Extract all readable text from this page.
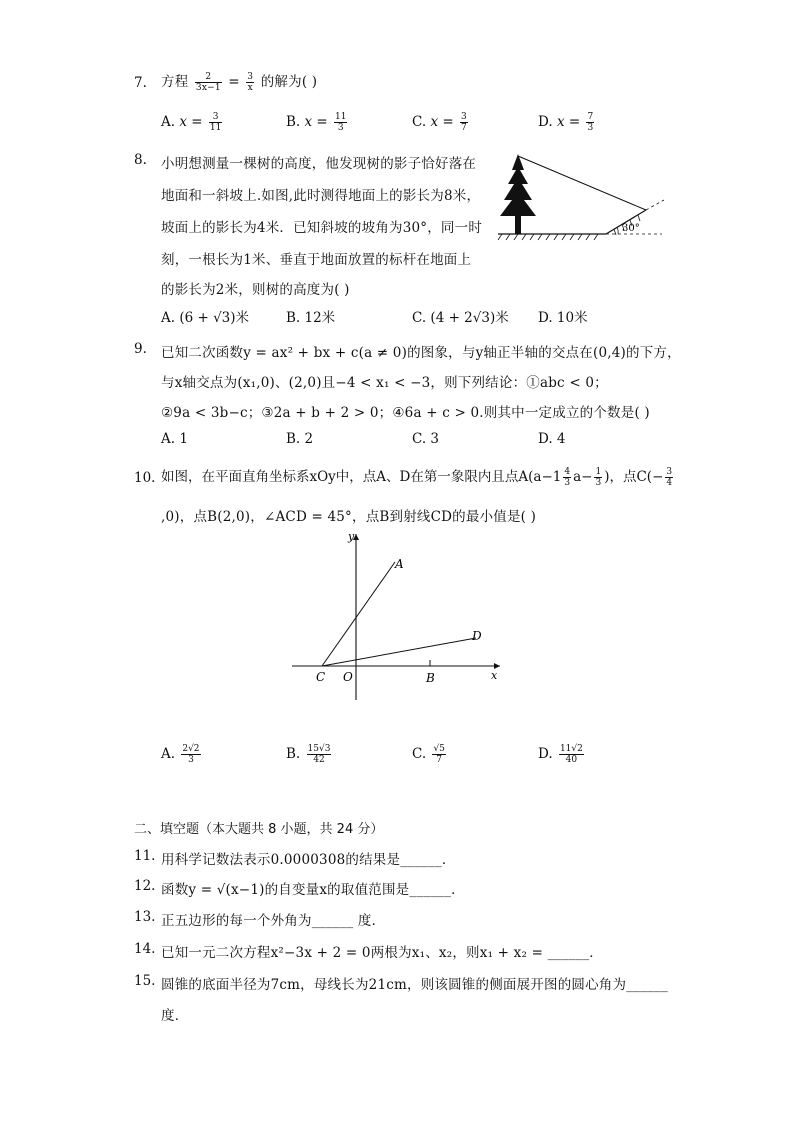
7. 方程 $\frac{2}{3x-1} = \frac{3}{x}$ 的解为( )
A. $x = \frac{3}{11}$	B. $x = \frac{11}{3}$	C. $x = \frac{3}{7}$	D. $x = \frac{7}{3}$
8. 小明想测量一棵树的高度，他发现树的影子恰好落在
地面和一斜坡上.如图,此时测得地面上的影长为8米，
坡面上的影长为4米．已知斜坡的坡角为30°，同一时
刻，一根长为1米、垂直于地面放置的标杆在地面上
的影长为2米，则树的高度为( )
30°
A. (6 + √3)米	B. 12米	C. (4 + 2√3)米 D. 10米
9. 已知二次函数y = ax² + bx + c(a ≠ 0)的图象，与y轴正半轴的交点在(0,4)的下方，
与x轴交点为(x₁,0)、(2,0)且−4 < x₁ < −3，则下列结论：①abc < 0；
②9a < 3b−c；③2a + b + 2 > 0；④6a + c > 0.则其中一定成立的个数是( )
A. 1	B. 2	C. 3	D. 4
10. 如图，在平面直角坐标系xOy中，点A、D在第一象限内且点$A(a-1 \frac{4}{3} a- \frac{1}{3}$ )，点$C(- \frac{3}{4}$
,0)，点B(2,0)，∠ACD = 45°，点B到射线CD的最小值是( )
y
x
A
D
C O	B
A. $\frac{2√2}{3}$	B. $\frac{15√3}{42}$	C. $\frac{√5}{7}$	D. $\frac{11√2}{40}$
二、填空题（本大题共 8 小题，共 24 分）
11. 用科学记数法表示0.0000308的结果是______．
12. 函数y = √(x−1)的自变量x的取值范围是______．
13. 正五边形的每一个外角为______ 度．
14. 已知一元二次方程x²−3x + 2 = 0两根为x₁、x₂，则x₁ + x₂ = ______．
15. 圆锥的底面半径为7cm，母线长为21cm，则该圆锥的侧面展开图的圆心角为______
度．
